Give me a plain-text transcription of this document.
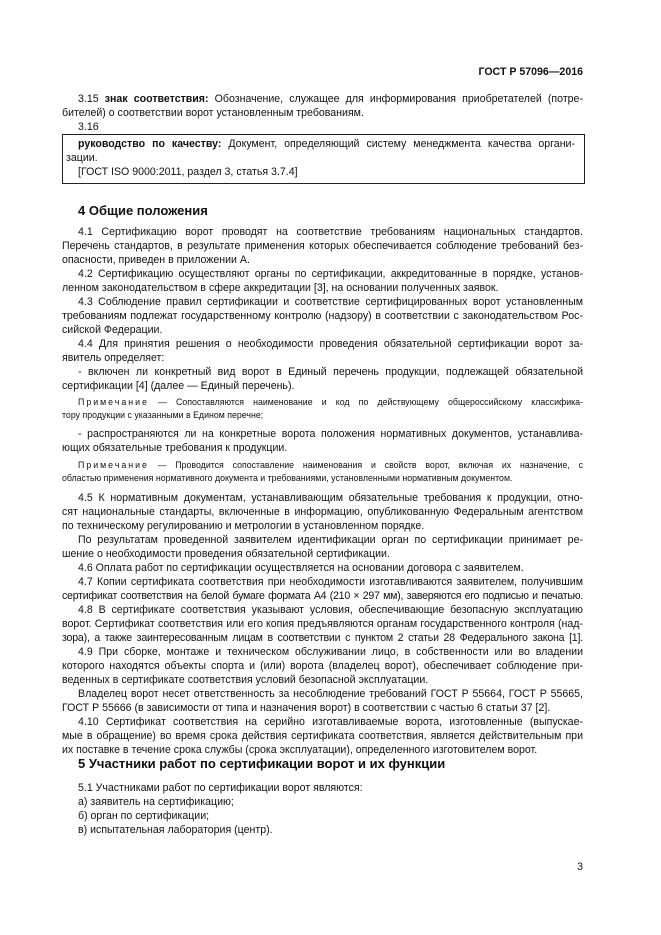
ГОСТ Р 57096—2016
3.15 знак соответствия: Обозначение, служащее для информирования приобретателей (потре-
бителей) о соответствии ворот установленным требованиям.
3.16
руководство по качеству: Документ, определяющий систему менеджмента качества органи-
зации.
[ГОСТ ISO 9000:2011, раздел 3, статья 3.7.4]
4 Общие положения
4.1 Сертификацию ворот проводят на соответствие требованиям национальных стандартов.
Перечень стандартов, в результате применения которых обеспечивается соблюдение требований без-
опасности, приведен в приложении А.
4.2 Сертификацию осуществляют органы по сертификации, аккредитованные в порядке, установ-
ленном законодательством в сфере аккредитации [3], на основании полученных заявок.
4.3 Соблюдение правил сертификации и соответствие сертифицированных ворот установленным
требованиям подлежат государственному контролю (надзору) в соответствии с законодательством Рос-
сийской Федерации.
4.4 Для принятия решения о необходимости проведения обязательной сертификации ворот за-
явитель определяет:
- включен ли конкретный вид ворот в Единый перечень продукции, подлежащей обязательной
сертификации [4] (далее — Единый перечень).
Примечание — Сопоставляются наименование и код по действующему общероссийскому классифика-
тору продукции с указанными в Едином перечне;
- распространяются ли на конкретные ворота положения нормативных документов, устанавлива-
ющих обязательные требования к продукции.
Примечание — Проводится сопоставление наименования и свойств ворот, включая их назначение, с
областью применения нормативного документа и требованиями, установленными нормативным документом.
4.5 К нормативным документам, устанавливающим обязательные требования к продукции, отно-
сят национальные стандарты, включенные в информацию, опубликованную Федеральным агентством
по техническому регулированию и метрологии в установленном порядке.
По результатам проведенной заявителем идентификации орган по сертификации принимает ре-
шение о необходимости проведения обязательной сертификации.
4.6 Оплата работ по сертификации осуществляется на основании договора с заявителем.
4.7 Копии сертификата соответствия при необходимости изготавливаются заявителем, получившим
сертификат соответствия на белой бумаге формата А4 (210 × 297 мм), заверяются его подписью и печатью.
4.8 В сертификате соответствия указывают условия, обеспечивающие безопасную эксплуатацию
ворот. Сертификат соответствия или его копия предъявляются органам государственного контроля (над-
зора), а также заинтересованным лицам в соответствии с пунктом 2 статьи 28 Федерального закона [1].
4.9 При сборке, монтаже и техническом обслуживании лицо, в собственности или во владении
которого находятся объекты спорта и (или) ворота (владелец ворот), обеспечивает соблюдение при-
веденных в сертификате соответствия условий безопасной эксплуатации.
Владелец ворот несет ответственность за несоблюдение требований ГОСТ Р 55664, ГОСТ Р 55665,
ГОСТ Р 55666 (в зависимости от типа и назначения ворот) в соответствии с частью 6 статьи 37 [2].
4.10 Сертификат соответствия на серийно изготавливаемые ворота, изготовленные (выпускае-
мые в обращение) во время срока действия сертификата соответствия, является действительным при
их поставке в течение срока службы (срока эксплуатации), определенного изготовителем ворот.
5 Участники работ по сертификации ворот и их функции
5.1 Участниками работ по сертификации ворот являются:
а) заявитель на сертификацию;
б) орган по сертификации;
в) испытательная лаборатория (центр).
3
